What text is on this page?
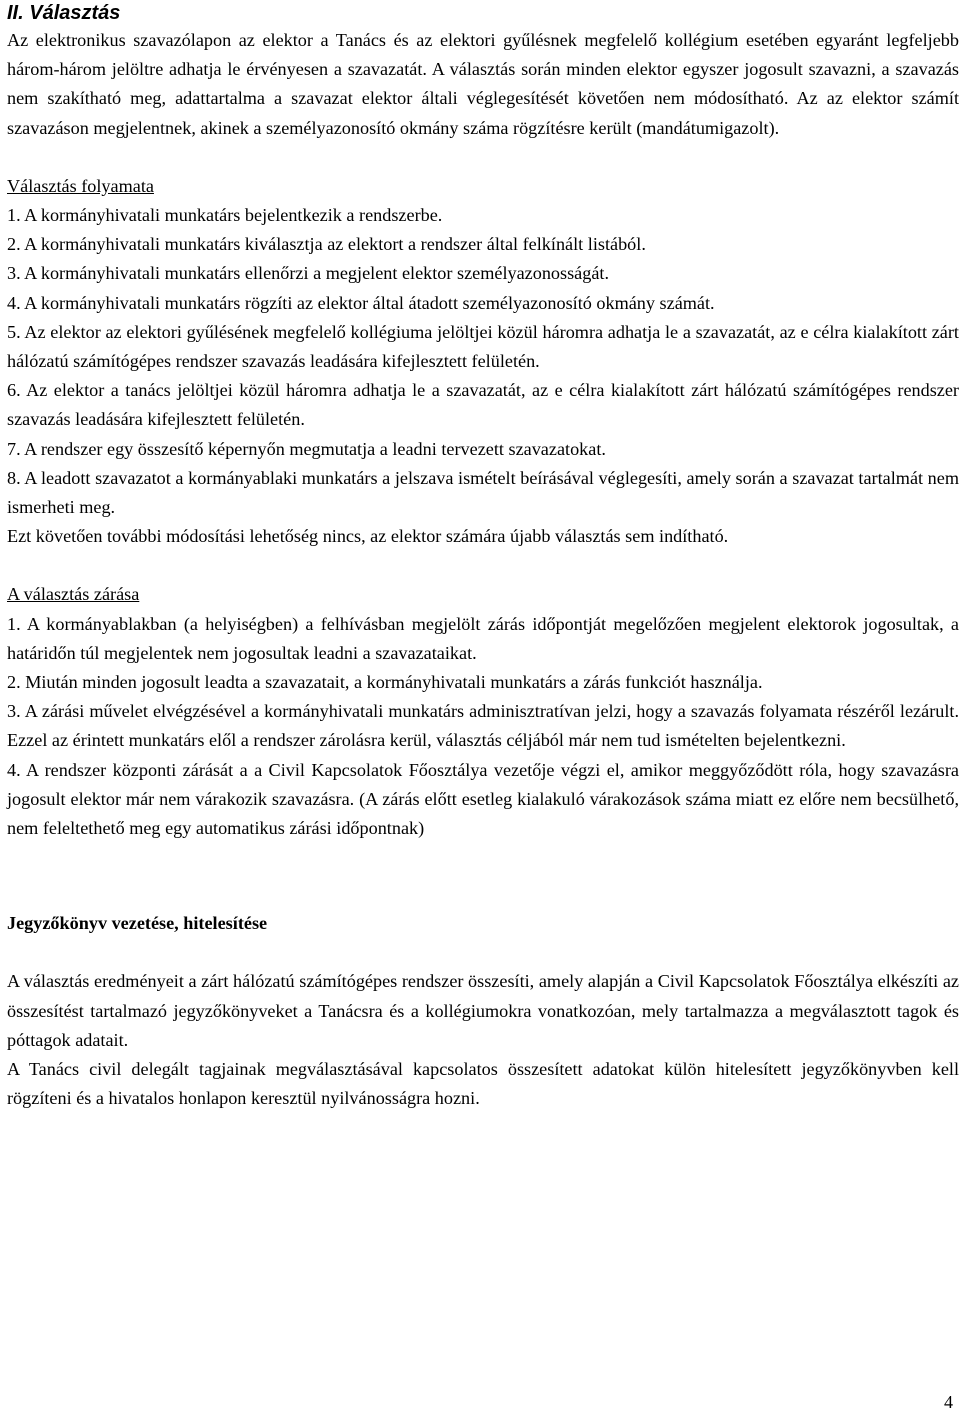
II. Választás

Az elektronikus szavazólapon az elektor a Tanács és az elektori gyűlésnek megfelelő kollégium esetében egyaránt legfeljebb három-három jelöltre adhatja le érvényesen a szavazatát. A választás során minden elektor egyszer jogosult szavazni, a szavazás nem szakítható meg, adattartalma a szavazat elektor általi véglegesítését követően nem módosítható. Az az elektor számít szavazáson megjelentnek, akinek a személyazonosító okmány száma rögzítésre került (mandátumigazolt).

Választás folyamata

1. A kormányhivatali munkatárs bejelentkezik a rendszerbe.

2. A kormányhivatali munkatárs kiválasztja az elektort a rendszer által felkínált listából.

3. A kormányhivatali munkatárs ellenőrzi a megjelent elektor személyazonosságát.

4. A kormányhivatali munkatárs rögzíti az elektor által átadott személyazonosító okmány számát.

5. Az elektor az elektori gyűlésének megfelelő kollégiuma jelöltjei közül háromra adhatja le a szavazatát, az e célra kialakított zárt hálózatú számítógépes rendszer szavazás leadására kifejlesztett felületén.

6. Az elektor a tanács jelöltjei közül háromra adhatja le a szavazatát, az e célra kialakított zárt hálózatú számítógépes rendszer szavazás leadására kifejlesztett felületén.

7. A rendszer egy összesítő képernyőn megmutatja a leadni tervezett szavazatokat.

8. A leadott szavazatot a kormányablaki munkatárs a jelszava ismételt beírásával véglegesíti, amely során a szavazat tartalmát nem ismerheti meg.

Ezt követően további módosítási lehetőség nincs, az elektor számára újabb választás sem indítható.

A választás zárása

1. A kormányablakban (a helyiségben) a felhívásban megjelölt zárás időpontját megelőzően megjelent elektorok jogosultak, a határidőn túl megjelentek nem jogosultak leadni a szavazataikat.

2. Miután minden jogosult leadta a szavazatait, a kormányhivatali munkatárs a zárás funkciót használja.

3. A zárási művelet elvégzésével a kormányhivatali munkatárs adminisztratívan jelzi, hogy a szavazás folyamata részéről lezárult. Ezzel az érintett munkatárs elől a rendszer zárolásra kerül, választás céljából már nem tud ismételten bejelentkezni.

4. A rendszer központi zárását a a Civil Kapcsolatok Főosztálya vezetője végzi el, amikor meggyőződött róla, hogy szavazásra jogosult elektor már nem várakozik szavazásra. (A zárás előtt esetleg kialakuló várakozások száma miatt ez előre nem becsülhető, nem feleltethető meg egy automatikus zárási időpontnak)

Jegyzőkönyv vezetése, hitelesítése

A választás eredményeit a zárt hálózatú számítógépes rendszer összesíti, amely alapján a Civil Kapcsolatok Főosztálya elkészíti az összesítést tartalmazó jegyzőkönyveket a Tanácsra és a kollégiumokra vonatkozóan, mely tartalmazza a megválasztott tagok és póttagok adatait.

A Tanács civil delegált tagjainak megválasztásával kapcsolatos összesített adatokat külön hitelesített jegyzőkönyvben kell rögzíteni és a hivatalos honlapon keresztül nyilvánosságra hozni.

4
